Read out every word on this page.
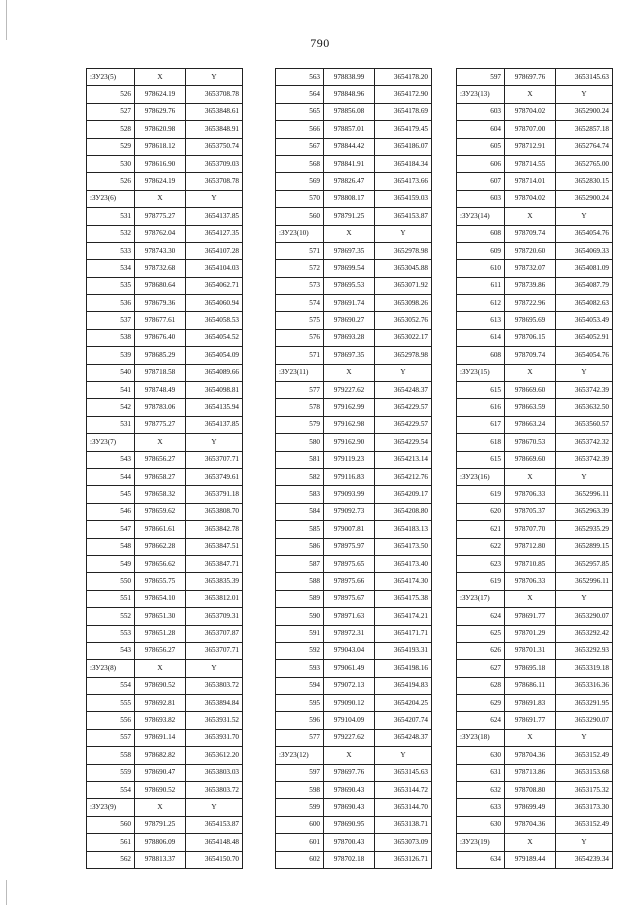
790
:ЗУ23(5)	X	Y
526	978624.19	3653708.78
527	978629.76	3653848.61
528	978620.98	3653848.91
529	978618.12	3653750.74
530	978616.90	3653709.03
526	978624.19	3653708.78
:ЗУ23(6)	X	Y
531	978775.27	3654137.85
532	978762.04	3654127.35
533	978743.30	3654107.28
534	978732.68	3654104.03
535	978680.64	3654062.71
536	978679.36	3654060.94
537	978677.61	3654058.53
538	978676.40	3654054.52
539	978685.29	3654054.09
540	978718.58	3654089.66
541	978748.49	3654098.81
542	978783.06	3654135.94
531	978775.27	3654137.85
:ЗУ23(7)	X	Y
543	978656.27	3653707.71
544	978658.27	3653749.61
545	978658.32	3653791.18
546	978659.62	3653808.70
547	978661.61	3653842.78
548	978662.28	3653847.51
549	978656.62	3653847.71
550	978655.75	3653835.39
551	978654.10	3653812.01
552	978651.30	3653709.31
553	978651.28	3653707.87
543	978656.27	3653707.71
:ЗУ23(8)	X	Y
554	978690.52	3653803.72
555	978692.81	3653894.84
556	978693.82	3653931.52
557	978691.14	3653931.70
558	978682.82	3653612.20
559	978690.47	3653803.03
554	978690.52	3653803.72
:ЗУ23(9)	X	Y
560	978791.25	3654153.87
561	978806.09	3654148.48
562	978813.37	3654150.70
563	978838.99	3654178.20
564	978848.96	3654172.90
565	978856.08	3654178.69
566	978857.01	3654179.45
567	978844.42	3654186.07
568	978841.91	3654184.34
569	978826.47	3654173.66
570	978808.17	3654159.03
560	978791.25	3654153.87
:ЗУ23(10)	X	Y
571	978697.35	3652978.98
572	978699.54	3653045.88
573	978695.53	3653071.92
574	978691.74	3653098.26
575	978690.27	3653052.76
576	978693.28	3653022.17
571	978697.35	3652978.98
:ЗУ23(11)	X	Y
577	979227.62	3654248.37
578	979162.99	3654229.57
579	979162.98	3654229.57
580	979162.90	3654229.54
581	979119.23	3654213.14
582	979116.83	3654212.76
583	979093.99	3654209.17
584	979092.73	3654208.80
585	979007.81	3654183.13
586	978975.97	3654173.50
587	978975.65	3654173.40
588	978975.66	3654174.30
589	978975.67	3654175.38
590	978971.63	3654174.21
591	978972.31	3654171.71
592	979043.04	3654193.31
593	979061.49	3654198.16
594	979072.13	3654194.83
595	979090.12	3654204.25
596	979104.09	3654207.74
577	979227.62	3654248.37
:ЗУ23(12)	X	Y
597	978697.76	3653145.63
598	978690.43	3653144.72
599	978690.43	3653144.70
600	978690.95	3653138.71
601	978700.43	3653073.09
602	978702.18	3653126.71
597	978697.76	3653145.63
:ЗУ23(13)	X	Y
603	978704.02	3652900.24
604	978707.00	3652857.18
605	978712.91	3652764.74
606	978714.55	3652765.00
607	978714.01	3652830.15
603	978704.02	3652900.24
:ЗУ23(14)	X	Y
608	978709.74	3654054.76
609	978720.60	3654069.33
610	978732.07	3654081.09
611	978739.86	3654087.79
612	978722.96	3654082.63
613	978695.69	3654053.49
614	978706.15	3654052.91
608	978709.74	3654054.76
:ЗУ23(15)	X	Y
615	978669.60	3653742.39
616	978663.59	3653632.50
617	978663.24	3653560.57
618	978670.53	3653742.32
615	978669.60	3653742.39
:ЗУ23(16)	X	Y
619	978706.33	3652996.11
620	978705.37	3652963.39
621	978707.70	3652935.29
622	978712.80	3652899.15
623	978710.85	3652957.85
619	978706.33	3652996.11
:ЗУ23(17)	X	Y
624	978691.77	3653290.07
625	978701.29	3653292.42
626	978701.31	3653292.93
627	978695.18	3653319.18
628	978686.11	3653316.36
629	978691.83	3653291.95
624	978691.77	3653290.07
:ЗУ23(18)	X	Y
630	978704.36	3653152.49
631	978713.86	3653153.68
632	978708.80	3653175.32
633	978699.49	3653173.30
630	978704.36	3653152.49
:ЗУ23(19)	X	Y
634	979189.44	3654239.34
